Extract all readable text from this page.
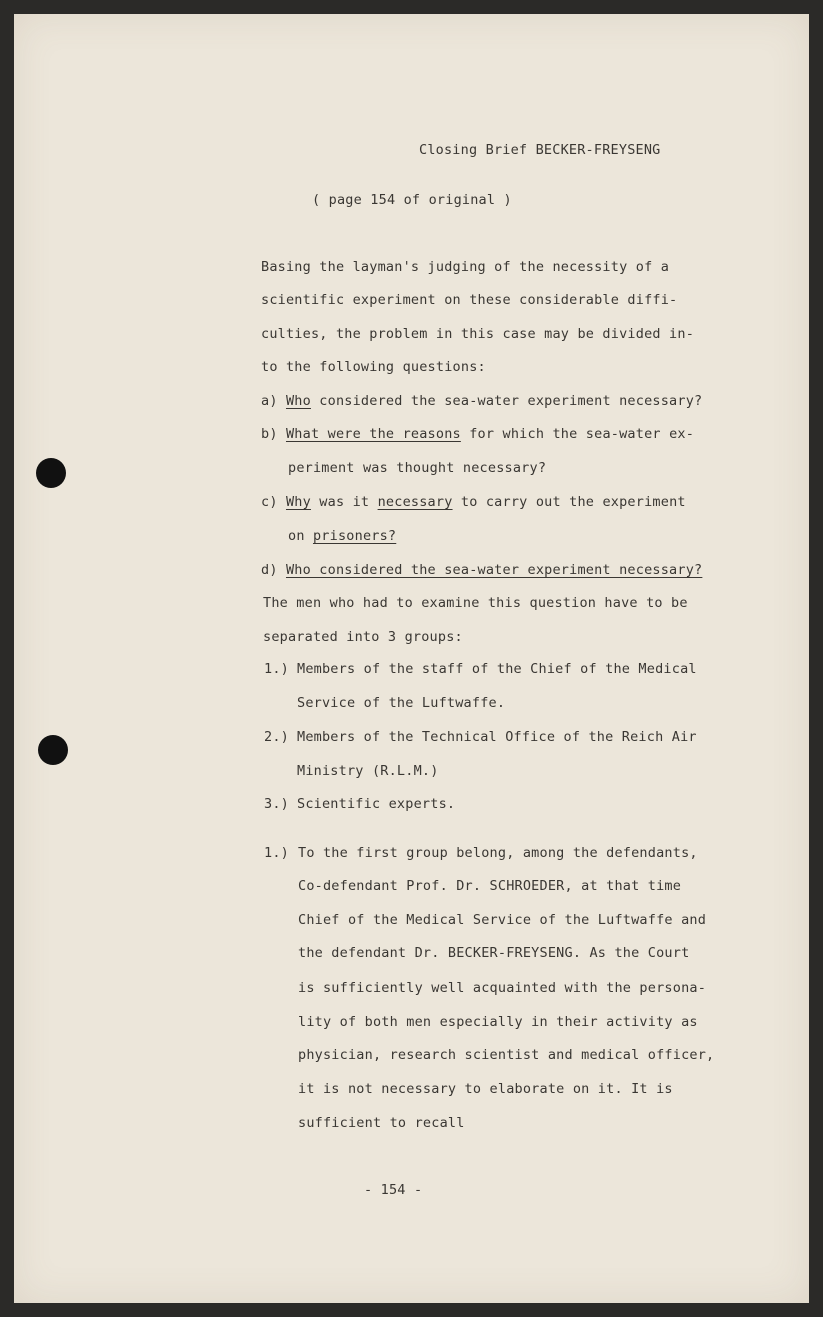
Closing Brief BECKER-FREYSENG
( page 154 of original )
Basing the layman's judging of the necessity of a
scientific experiment on these considerable diffi-
culties, the problem in this case may be divided in-
to the following questions:
a) Who considered the sea-water experiment necessary?
b) What were the reasons for which the sea-water ex-
periment was thought necessary?
c) Why was it necessary to carry out the experiment
on prisoners?
d) Who considered the sea-water experiment necessary?
The men who had to examine this question have to be
separated into 3 groups:
1.) Members of the staff of the Chief of the Medical
Service of the Luftwaffe.
2.) Members of the Technical Office of the Reich Air
Ministry (R.L.M.)
3.) Scientific experts.
1.) To the first group belong, among the defendants,
Co-defendant Prof. Dr. SCHROEDER, at that time
Chief of the Medical Service of the Luftwaffe and
the defendant Dr. BECKER-FREYSENG. As the Court
is sufficiently well acquainted with the persona-
lity of both men especially in their activity as
physician, research scientist and medical officer,
it is not necessary to elaborate on it. It is
sufficient to recall
- 154 -
